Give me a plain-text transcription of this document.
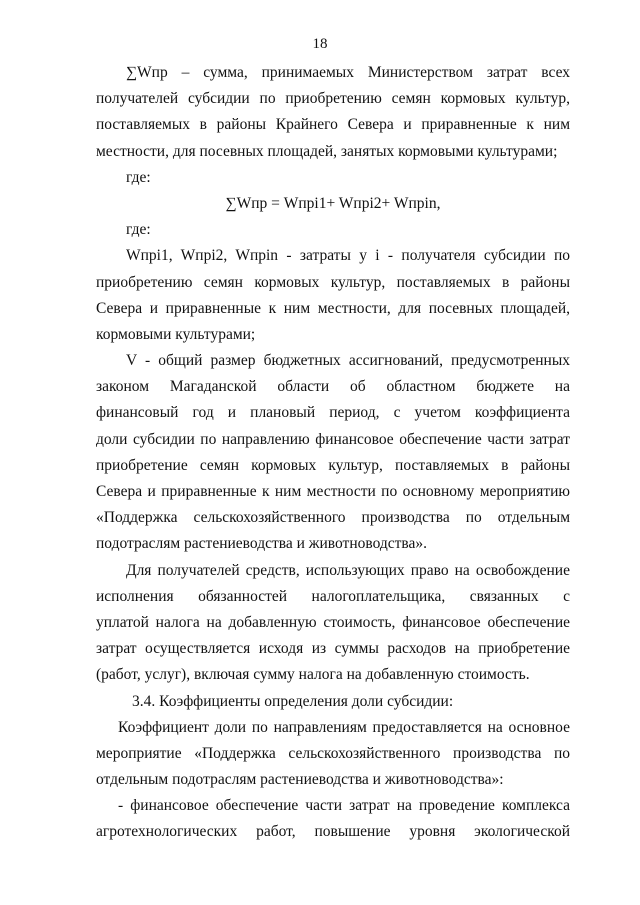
18
∑Wпр – сумма, принимаемых Министерством затрат всех
получателей субсидии по приобретению семян кормовых культур,
поставляемых в районы Крайнего Севера и приравненные к ним
местности, для посевных площадей, занятых кормовыми культурами;
где:
∑Wпр = Wпрi1+ Wпрi2+ Wпрin,
где:
Wпрi1, Wпрi2, Wпрin - затраты у i - получателя субсидии по
приобретению семян кормовых культур, поставляемых в районы
Севера и приравненные к ним местности, для посевных площадей,
кормовыми культурами;
V - общий размер бюджетных ассигнований, предусмотренных
законом Магаданской области об областном бюджете на
финансовый год и плановый период, с учетом коэффициента
доли субсидии по направлению финансовое обеспечение части затрат
приобретение семян кормовых культур, поставляемых в районы
Севера и приравненные к ним местности по основному мероприятию
«Поддержка сельскохозяйственного производства по отдельным
подотраслям растениеводства и животноводства».
Для получателей средств, использующих право на освобождение
исполнения обязанностей налогоплательщика, связанных с
уплатой налога на добавленную стоимость, финансовое обеспечение
затрат осуществляется исходя из суммы расходов на приобретение
(работ, услуг), включая сумму налога на добавленную стоимость.
3.4. Коэффициенты определения доли субсидии:
Коэффициент доли по направлениям предоставляется на основное
мероприятие «Поддержка сельскохозяйственного производства по
отдельным подотраслям растениеводства и животноводства»:
- финансовое обеспечение части затрат на проведение комплекса
агротехнологических работ, повышение уровня экологической
